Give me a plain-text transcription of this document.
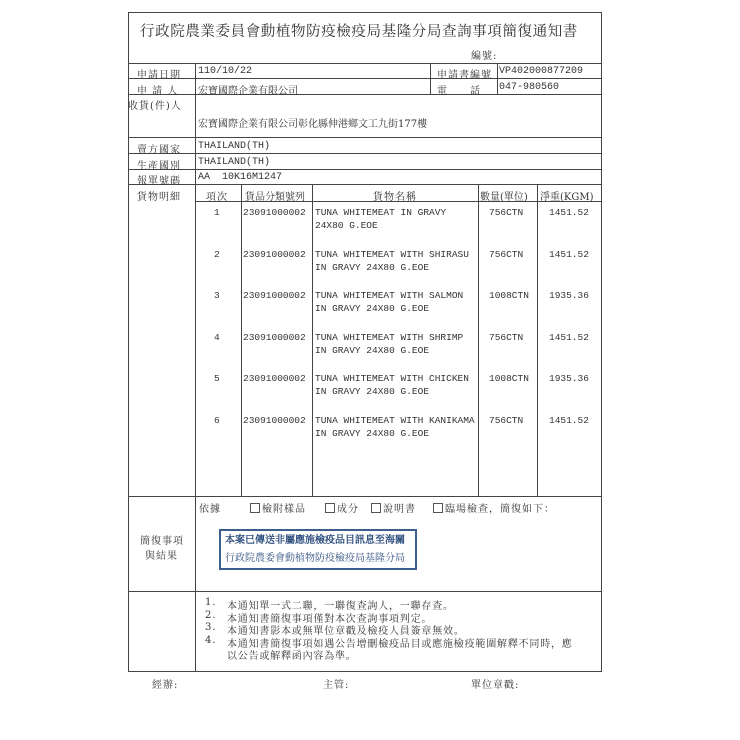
行政院農業委員會動植物防疫檢疫局基隆分局查詢事項簡復通知書
編號:
申請日期 110/10/22	申請書編號 VP402000877209
申 請 人 宏寶國際企業有限公司	電　　話 047-980560
收貨(件)人
宏寶國際企業有限公司彰化縣伸港鄉文工九街177樓
賣方國家 THAILAND(TH)
生產國別 THAILAND(TH)
報單號碼 AA  10K16M1247
貨物明細	項次 貨品分類號列	貨物名稱	數量(單位) 淨重(KGM)
1 23091000002 TUNA WHITEMEAT IN GRAVY
24X80 G.EOE
756CTN	1451.52
2 23091000002 TUNA WHITEMEAT WITH SHIRASU
IN GRAVY 24X80 G.EOE
756CTN	1451.52
3 23091000002 TUNA WHITEMEAT WITH SALMON
IN GRAVY 24X80 G.EOE
1008CTN 1935.36
4 23091000002 TUNA WHITEMEAT WITH SHRIMP
IN GRAVY 24X80 G.EOE
756CTN	1451.52
5 23091000002 TUNA WHITEMEAT WITH CHICKEN
IN GRAVY 24X80 G.EOE
1008CTN 1935.36
6 23091000002 TUNA WHITEMEAT WITH KANIKAMA
IN GRAVY 24X80 G.EOE
756CTN	1451.52
簡復事項
與結果
依據	檢附樣品	成分	說明書	臨場檢查，簡復如下：
本案已傳送非屬應施檢疫品目訊息至海關
行政院農委會動植物防疫檢疫局基隆分局
1. 本通知單一式二聯，一聯復查詢人，一聯存查。
2. 本通知書簡復事項僅對本次查詢事項判定。
3. 本通知書影本或無單位章戳及檢疫人員簽章無效。
4. 本通知書簡復事項如遇公告增刪檢疫品目或應施檢疫範圍解釋不同時，應
以公告或解釋函內容為準。
經辦:	主管:	單位章戳:
